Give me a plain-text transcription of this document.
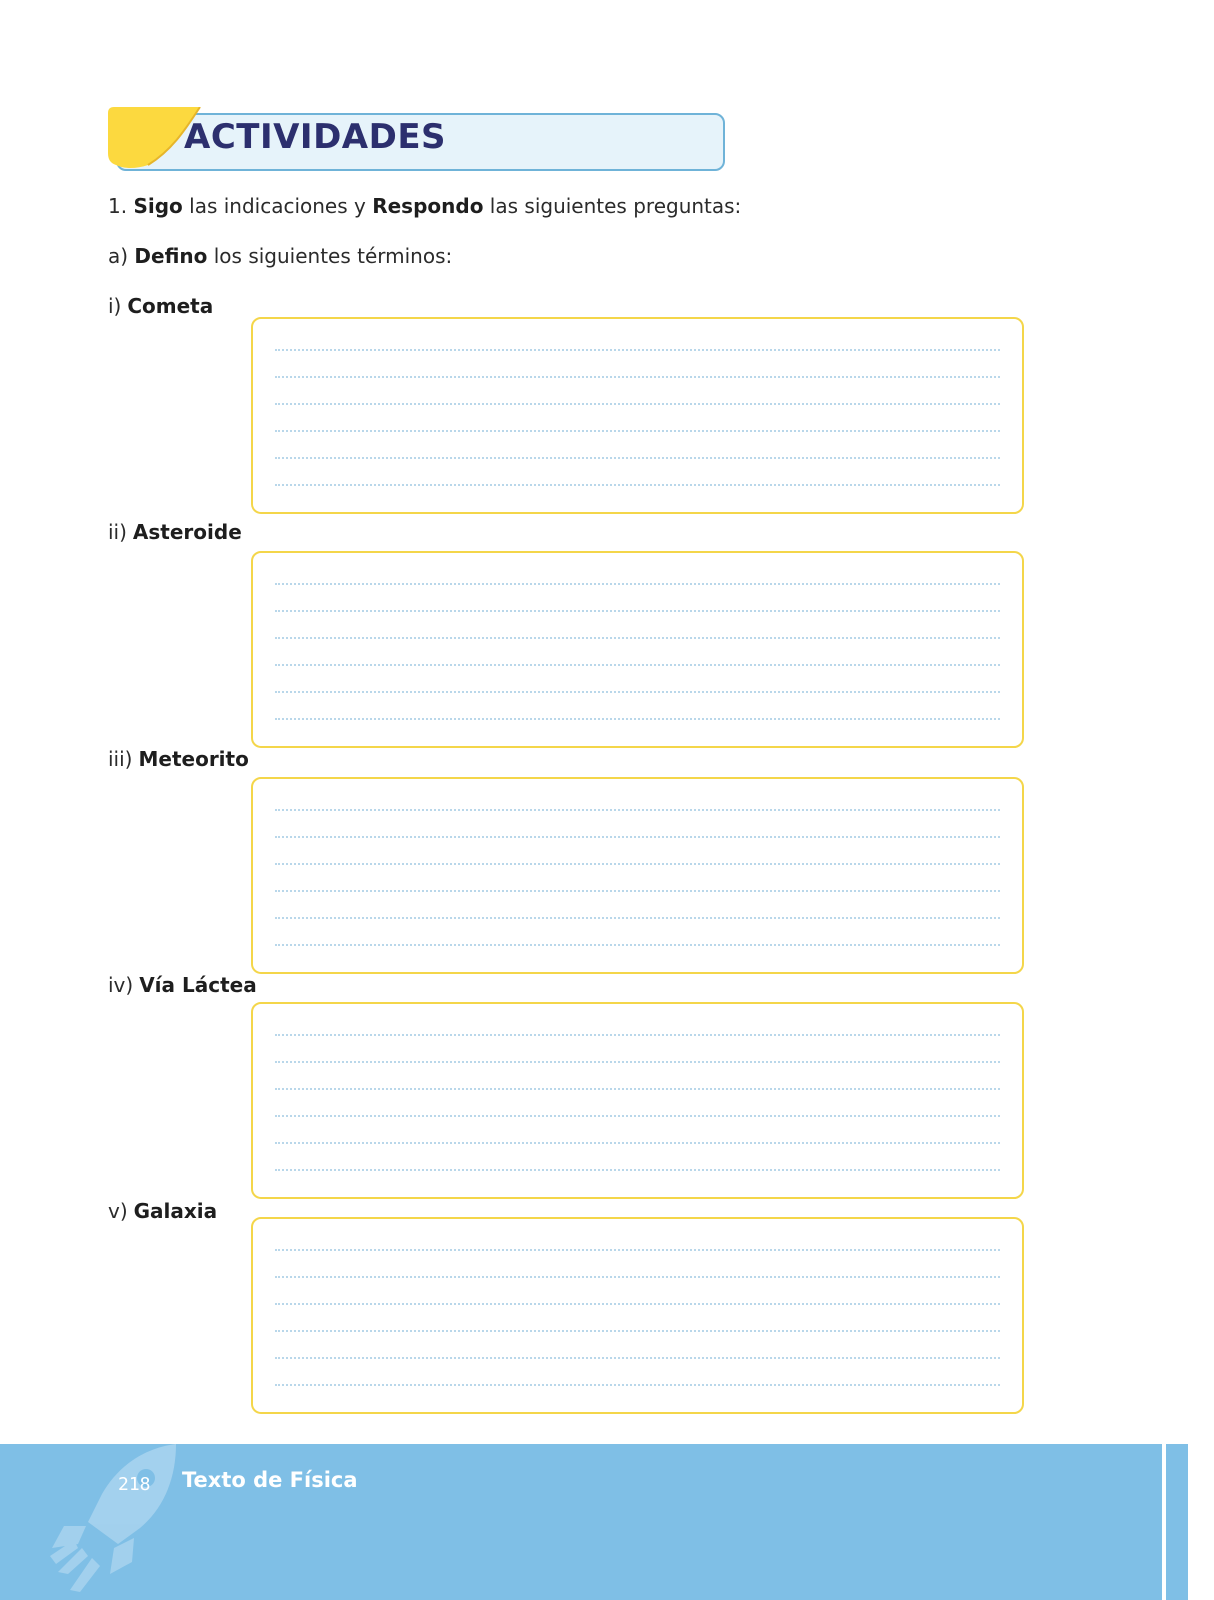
ACTIVIDADES
1. Sigo las indicaciones y Respondo las siguientes preguntas:
a) Defino los siguientes términos:
i) Cometa
ii) Asteroide
iii) Meteorito
iv) Vía Láctea
v) Galaxia
218 Texto de Física
